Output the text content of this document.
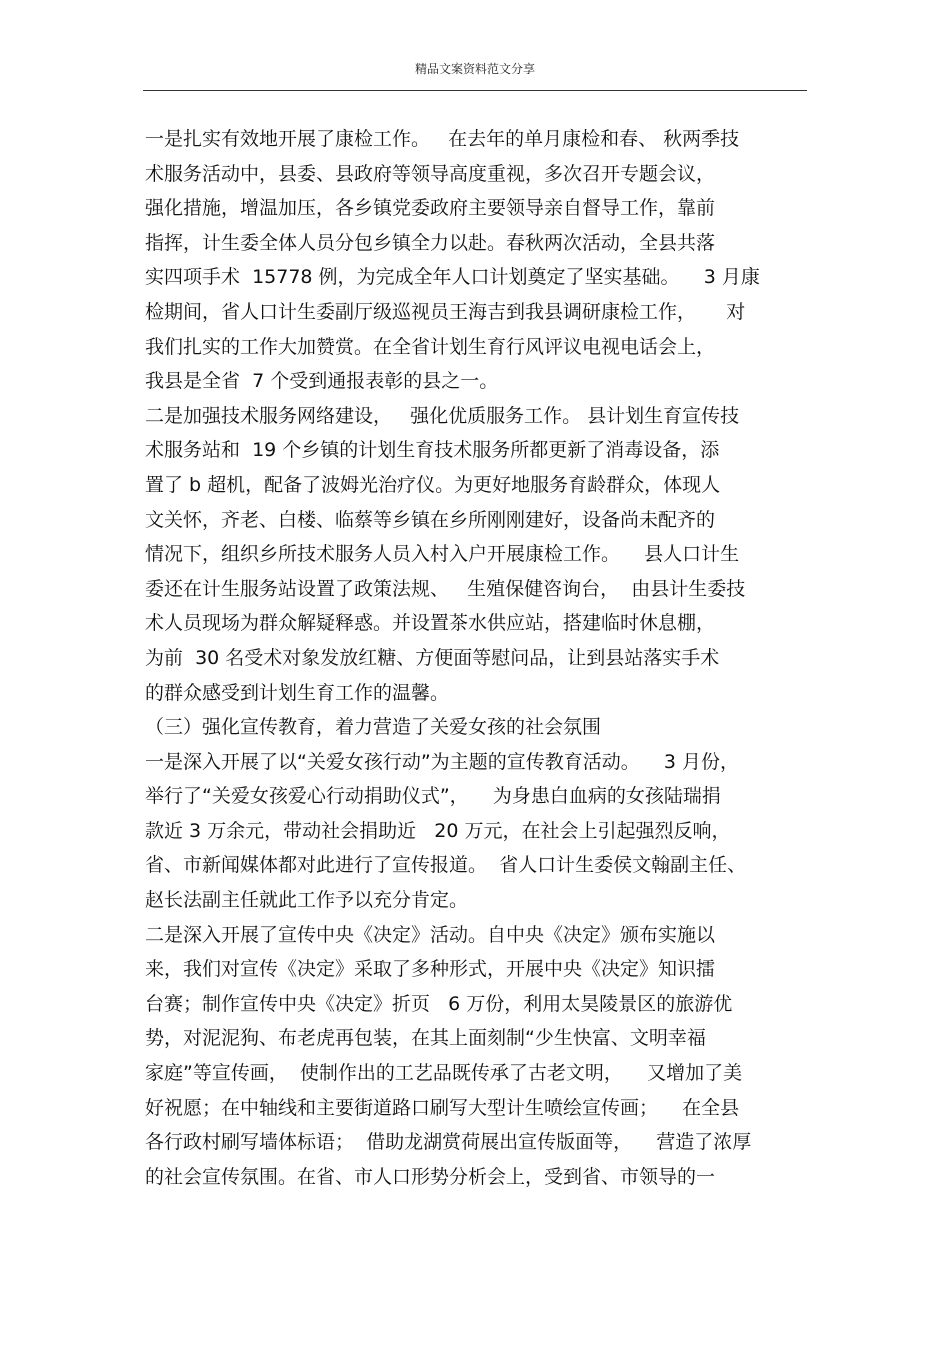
精品文案资料范文分享
一是扎实有效地开展了康检工作。   在去年的单月康检和春、 秋两季技
术服务活动中，县委、县政府等领导高度重视，多次召开专题会议，
强化措施，增温加压，各乡镇党委政府主要领导亲自督导工作，靠前
指挥，计生委全体人员分包乡镇全力以赴。春秋两次活动，全县共落
实四项手术  15778 例，为完成全年人口计划奠定了坚实基础。    3 月康
检期间，省人口计生委副厅级巡视员王海吉到我县调研康检工作，     对
我们扎实的工作大加赞赏。在全省计划生育行风评议电视电话会上，
我县是全省  7 个受到通报表彰的县之一。
二是加强技术服务网络建设，   强化优质服务工作。 县计划生育宣传技
术服务站和  19 个乡镇的计划生育技术服务所都更新了消毒设备，添
置了 b 超机，配备了波姆光治疗仪。为更好地服务育龄群众，体现人
文关怀，齐老、白楼、临蔡等乡镇在乡所刚刚建好，设备尚未配齐的
情况下，组织乡所技术服务人员入村入户开展康检工作。    县人口计生
委还在计生服务站设置了政策法规、   生殖保健咨询台，  由县计生委技
术人员现场为群众解疑释惑。并设置茶水供应站，搭建临时休息棚，
为前  30 名受术对象发放红糖、方便面等慰问品，让到县站落实手术
的群众感受到计划生育工作的温馨。
（三）强化宣传教育，着力营造了关爱女孩的社会氛围
一是深入开展了以“关爱女孩行动”为主题的宣传教育活动。    3 月份，
举行了“关爱女孩爱心行动捐助仪式”，    为身患白血病的女孩陆瑞捐
款近 3 万余元，带动社会捐助近   20 万元，在社会上引起强烈反响，
省、市新闻媒体都对此进行了宣传报道。  省人口计生委侯文翰副主任、
赵长法副主任就此工作予以充分肯定。
二是深入开展了宣传中央《决定》活动。自中央《决定》颁布实施以
来，我们对宣传《决定》采取了多种形式，开展中央《决定》知识擂
台赛；制作宣传中央《决定》折页   6 万份，利用太昊陵景区的旅游优
势，对泥泥狗、布老虎再包装，在其上面刻制“少生快富、文明幸福
家庭”等宣传画，  使制作出的工艺品既传承了古老文明，    又增加了美
好祝愿；在中轴线和主要街道路口刷写大型计生喷绘宣传画；    在全县
各行政村刷写墙体标语；  借助龙湖赏荷展出宣传版面等，    营造了浓厚
的社会宣传氛围。在省、市人口形势分析会上，受到省、市领导的一
